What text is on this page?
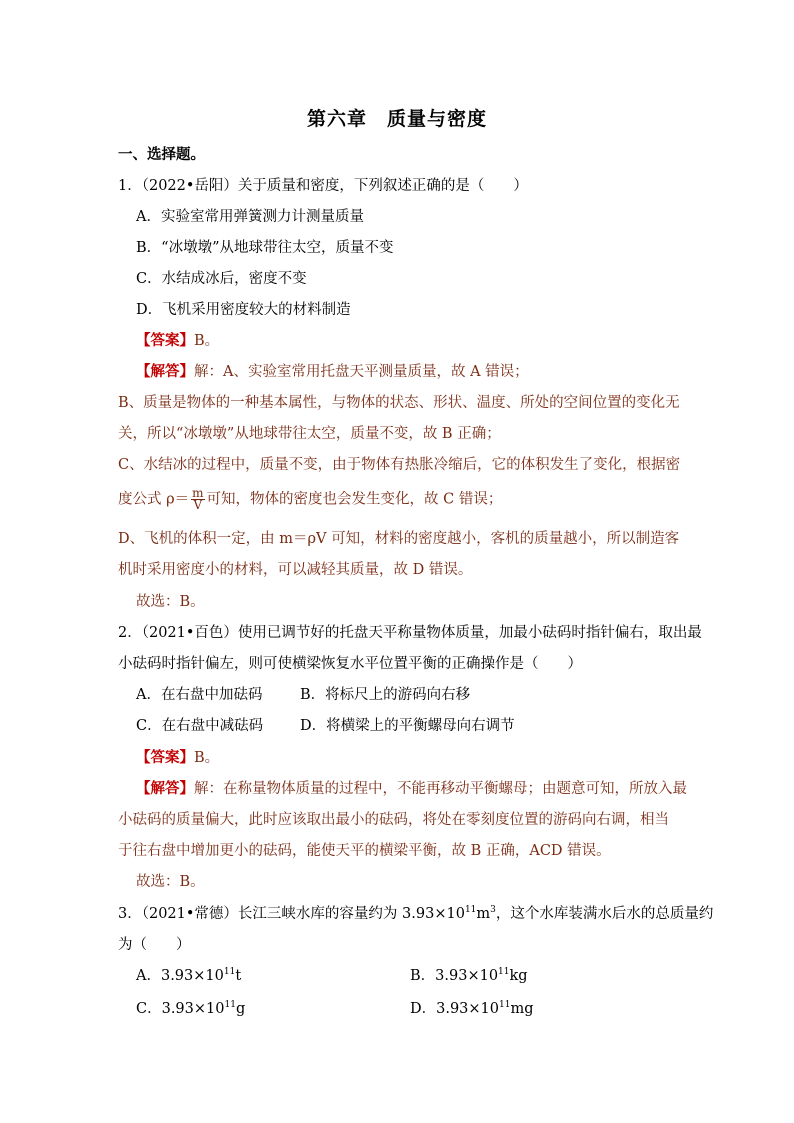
第六章　质量与密度
一、选择题。
1．（2022•岳阳）关于质量和密度，下列叙述正确的是（　　）
A．实验室常用弹簧测力计测量质量
B．“冰墩墩”从地球带往太空，质量不变
C．水结成冰后，密度不变
D．飞机采用密度较大的材料制造
【答案】B。
【解答】解：A、实验室常用托盘天平测量质量，故 A 错误；
B、质量是物体的一种基本属性，与物体的状态、形状、温度、所处的空间位置的变化无
关，所以“冰墩墩”从地球带往太空，质量不变，故 B 正确；
C、水结冰的过程中，质量不变，由于物体有热胀冷缩后，它的体积发生了变化，根据密
度公式 $\rho= \frac{m}{V}$ 可知，物体的密度也会发生变化，故 C 错误；
D、飞机的体积一定，由 m＝ρV 可知，材料的密度越小，客机的质量越小，所以制造客
机时采用密度小的材料，可以减轻其质量，故 D 错误。
故选：B。
2．（2021•百色）使用已调节好的托盘天平称量物体质量，加最小砝码时指针偏右，取出最
小砝码时指针偏左，则可使横梁恢复水平位置平衡的正确操作是（　　）
A．在右盘中加砝码	B．将标尺上的游码向右移
C．在右盘中减砝码	D．将横梁上的平衡螺母向右调节
【答案】B。
【解答】解：在称量物体质量的过程中，不能再移动平衡螺母；由题意可知，所放入最
小砝码的质量偏大，此时应该取出最小的砝码，将处在零刻度位置的游码向右调，相当
于往右盘中增加更小的砝码，能使天平的横梁平衡，故 B 正确，ACD 错误。
故选：B。
3．（2021•常德）长江三峡水库的容量约为 $3.93\times 10^{11}m^3$，这个水库装满水后水的总质量约
为（　　）
A．$3.93\times 10^{11}t$	B．$3.93\times 10^{11}kg$
C．$3.93\times 10^{11}g$	D．$3.93\times 10^{11}mg$
